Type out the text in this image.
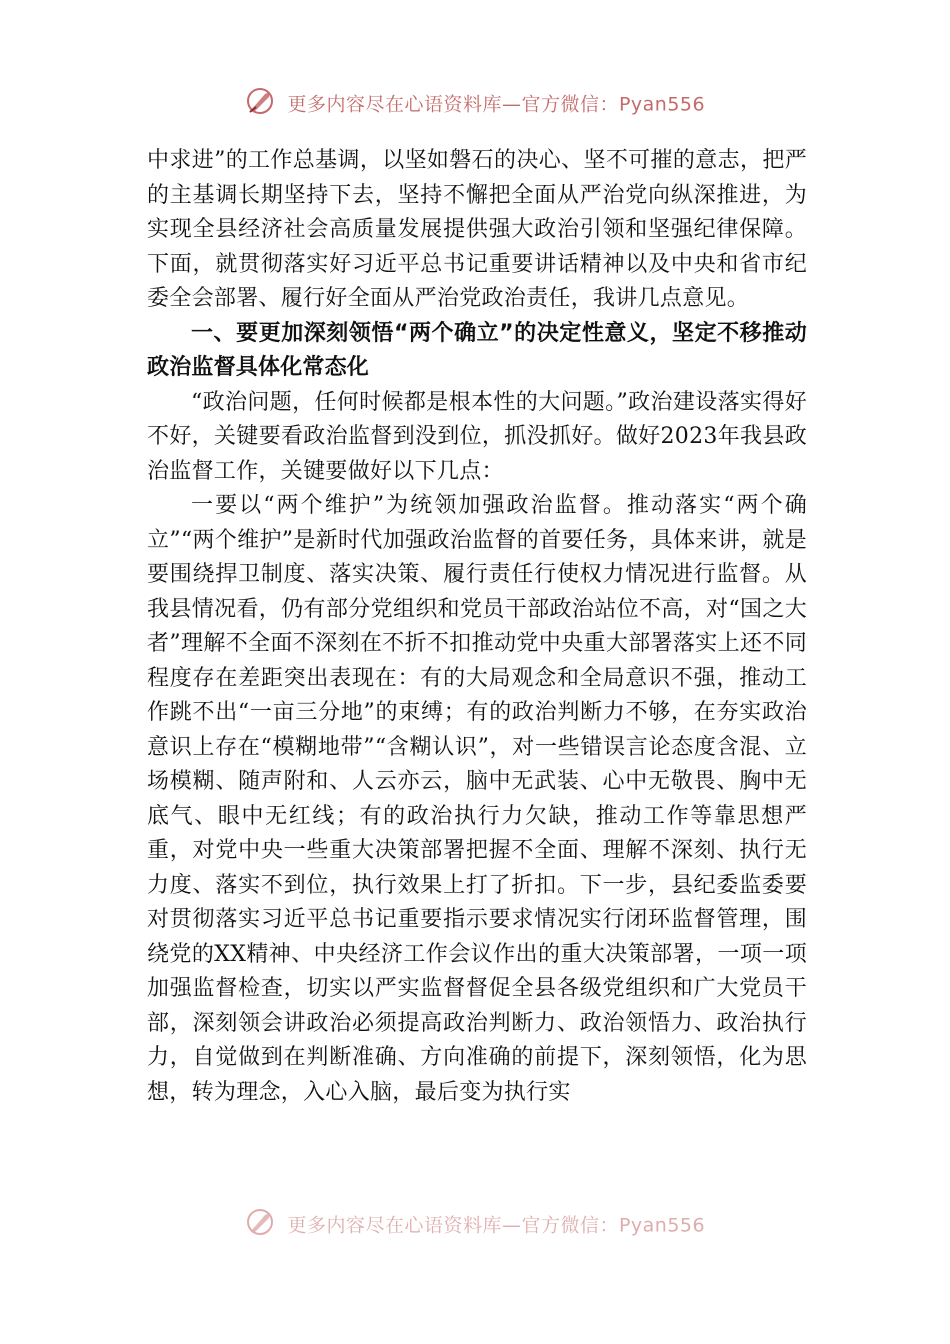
更多内容尽在心语资料库—官方微信：Pyan556

中求进”的工作总基调，以坚如磐石的决心、坚不可摧的意志，把严的主基调长期坚持下去，坚持不懈把全面从严治党向纵深推进，为实现全县经济社会高质量发展提供强大政治引领和坚强纪律保障。下面，就贯彻落实好习近平总书记重要讲话精神以及中央和省市纪委全会部署、履行好全面从严治党政治责任，我讲几点意见。

一、要更加深刻领悟“两个确立”的决定性意义，坚定不移推动政治监督具体化常态化

“政治问题，任何时候都是根本性的大问题。”政治建设落实得好不好，关键要看政治监督到没到位，抓没抓好。做好2023年我县政治监督工作，关键要做好以下几点：

一要以“两个维护”为统领加强政治监督。推动落实“两个确立”“两个维护”是新时代加强政治监督的首要任务，具体来讲，就是要围绕捍卫制度、落实决策、履行责任行使权力情况进行监督。从我县情况看，仍有部分党组织和党员干部政治站位不高，对“国之大者”理解不全面不深刻在不折不扣推动党中央重大部署落实上还不同程度存在差距突出表现在：有的大局观念和全局意识不强，推动工作跳不出“一亩三分地”的束缚；有的政治判断力不够，在夯实政治意识上存在“模糊地带”“含糊认识”，对一些错误言论态度含混、立场模糊、随声附和、人云亦云，脑中无武装、心中无敬畏、胸中无底气、眼中无红线；有的政治执行力欠缺，推动工作等靠思想严重，对党中央一些重大决策部署把握不全面、理解不深刻、执行无力度、落实不到位，执行效果上打了折扣。下一步，县纪委监委要对贯彻落实习近平总书记重要指示要求情况实行闭环监督管理，围绕党的XX精神、中央经济工作会议作出的重大决策部署，一项一项加强监督检查，切实以严实监督督促全县各级党组织和广大党员干部，深刻领会讲政治必须提高政治判断力、政治领悟力、政治执行力，自觉做到在判断准确、方向准确的前提下，深刻领悟，化为思想，转为理念，入心入脑，最后变为执行实

更多内容尽在心语资料库—官方微信：Pyan556
